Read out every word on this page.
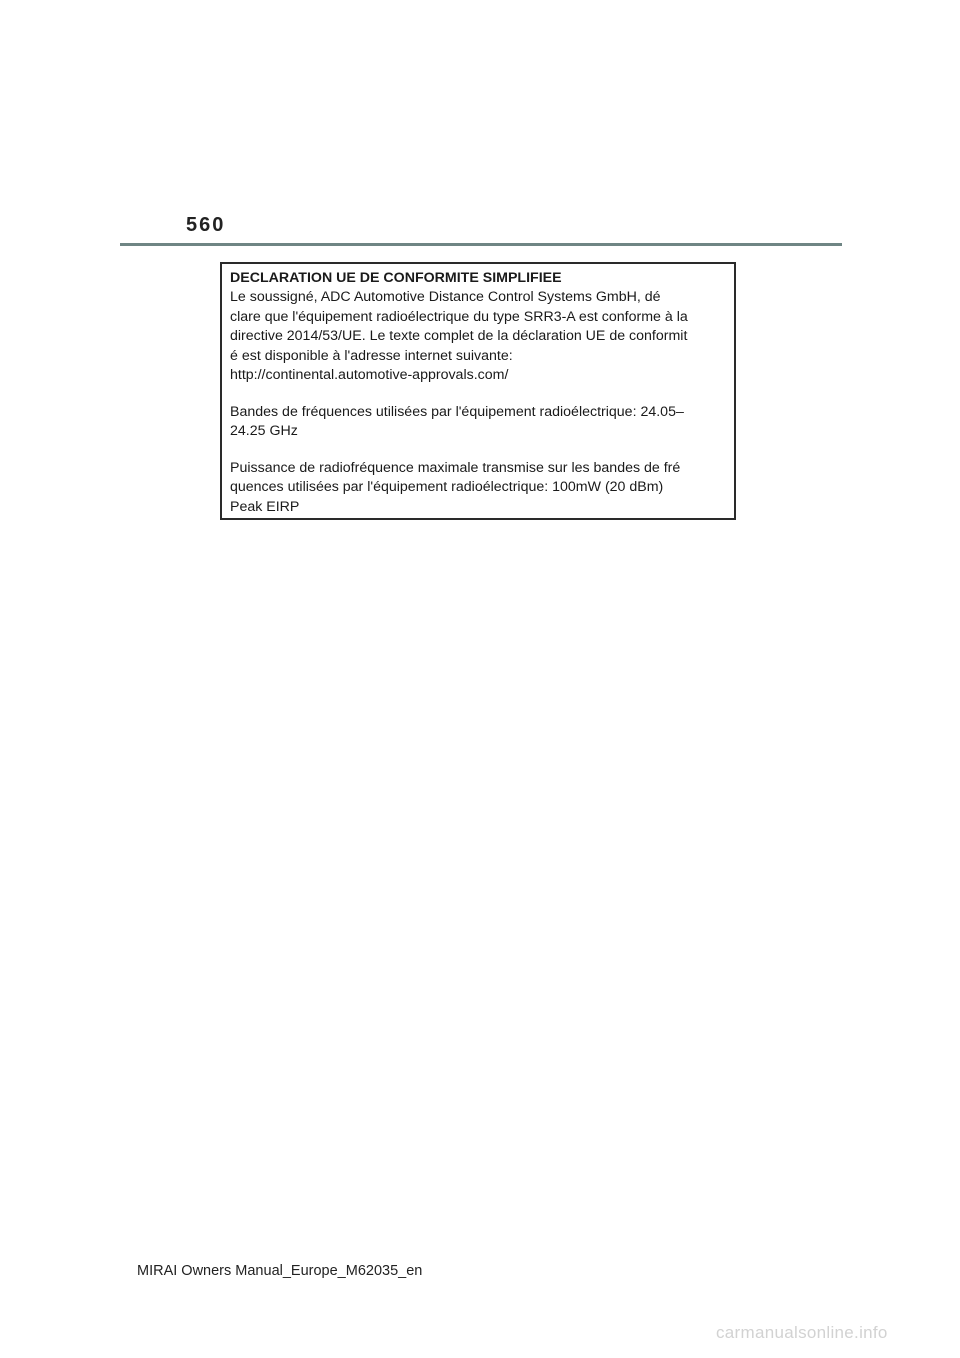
560
DECLARATION UE DE CONFORMITE SIMPLIFIEE
Le soussigné, ADC Automotive Distance Control Systems GmbH, dé
clare que l'équipement radioélectrique du type SRR3-A est conforme à la
directive 2014/53/UE. Le texte complet de la déclaration UE de conformit
é est disponible à l'adresse internet suivante:
http://continental.automotive-approvals.com/
Bandes de fréquences utilisées par l'équipement radioélectrique: 24.05–
24.25 GHz
Puissance de radiofréquence maximale transmise sur les bandes de fré
quences utilisées par l'équipement radioélectrique: 100mW (20 dBm)
Peak EIRP
MIRAI Owners Manual_Europe_M62035_en
carmanualsonline.info
